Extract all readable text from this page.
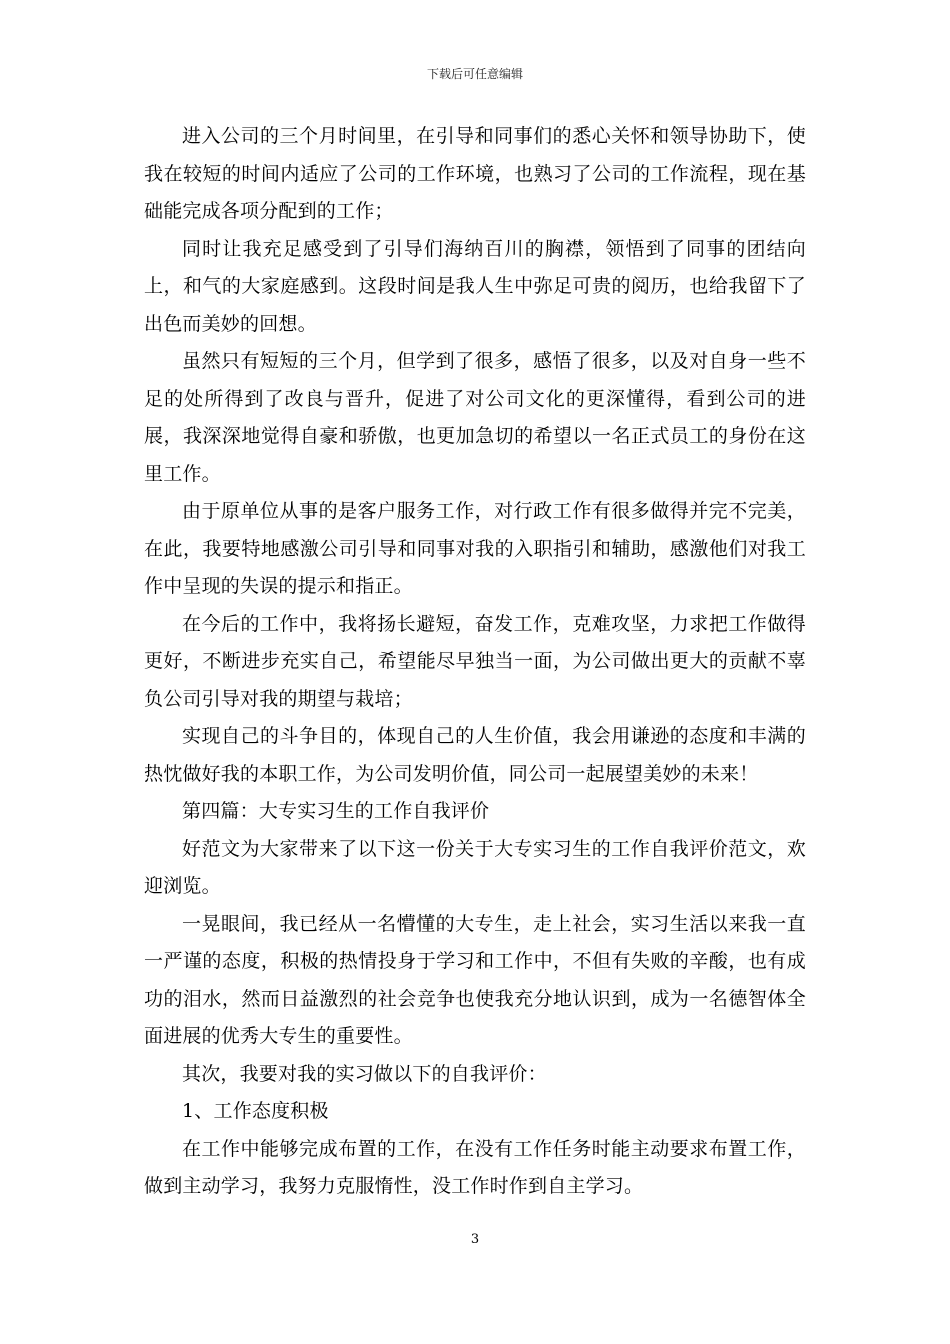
下载后可任意编辑

进入公司的三个月时间里，在引导和同事们的悉心关怀和领导协助下，使我在较短的时间内适应了公司的工作环境，也熟习了公司的工作流程，现在基础能完成各项分配到的工作；

同时让我充足感受到了引导们海纳百川的胸襟，领悟到了同事的团结向上，和气的大家庭感到。这段时间是我人生中弥足可贵的阅历，也给我留下了出色而美妙的回想。

虽然只有短短的三个月，但学到了很多，感悟了很多，以及对自身一些不足的处所得到了改良与晋升，促进了对公司文化的更深懂得，看到公司的进展，我深深地觉得自豪和骄傲，也更加急切的希望以一名正式员工的身份在这里工作。

由于原单位从事的是客户服务工作，对行政工作有很多做得并完不完美，在此，我要特地感激公司引导和同事对我的入职指引和辅助，感激他们对我工作中呈现的失误的提示和指正。

在今后的工作中，我将扬长避短，奋发工作，克难攻坚，力求把工作做得更好，不断进步充实自己，希望能尽早独当一面，为公司做出更大的贡献不辜负公司引导对我的期望与栽培；

实现自己的斗争目的，体现自己的人生价值，我会用谦逊的态度和丰满的热忱做好我的本职工作，为公司发明价值，同公司一起展望美妙的未来！

第四篇：大专实习生的工作自我评价

好范文为大家带来了以下这一份关于大专实习生的工作自我评价范文，欢迎浏览。

一晃眼间，我已经从一名懵懂的大专生，走上社会，实习生活以来我一直一严谨的态度，积极的热情投身于学习和工作中，不但有失败的辛酸，也有成功的泪水，然而日益激烈的社会竞争也使我充分地认识到，成为一名德智体全面进展的优秀大专生的重要性。

其次，我要对我的实习做以下的自我评价：

1、工作态度积极

在工作中能够完成布置的工作，在没有工作任务时能主动要求布置工作，做到主动学习，我努力克服惰性，没工作时作到自主学习。

3
